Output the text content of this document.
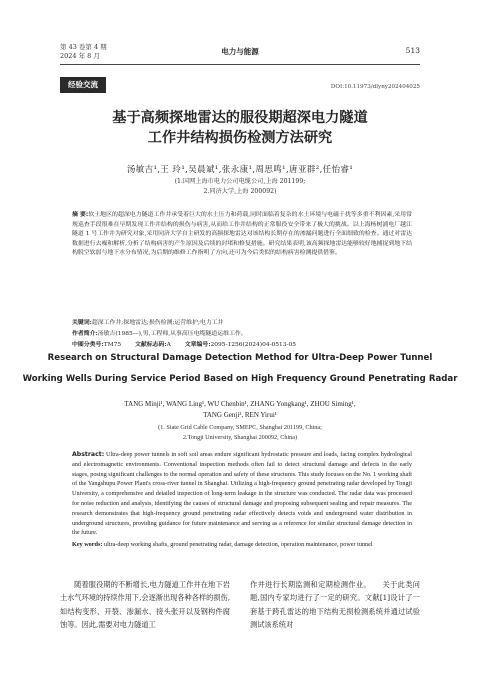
第 43 卷第 4 期
2024 年 8 月	电力与能源	513
经验交流	DOI:10.11973/dlyny202404025
基于高频探地雷达的服役期超深电力隧道
工作井结构损伤检测方法研究
汤敏吉¹,王 玲¹,吴晨斌¹,张永康¹,周思鸣¹,唐亚群²,任怡睿¹
(1.国网上海市电力公司电缆公司,上海 201199;
2.同济大学,上海 200092)
摘 要:软土地区的超深电力隧道工作井承受着巨大的水土压力和荷载,同时面临着复杂的水土环境与电磁干扰等多重不利因素,采用常规巡查手段很难在早期发现工作井结构的损伤与病害,从而给工作井结构的正常服役安全带来了极大的挑战。以上海杨树浦电厂越江隧道 1 号工作井为研究对象,采用同济大学自主研发的高频探地雷达对该结构长期存在的渗漏问题进行全面细致的检查。通过对雷达数据进行去噪和解析,分析了结构病害的产生原因及后续的封堵和修复措施。研究结果表明,该高频探地雷达能够较好地捕捉到地下结构脱空软弱与地下水分布情况,为后期的维修工作指明了方向,还可为今后类似的结构病害检测提供借鉴。
关键词:超深工作井;探地雷达;损伤检测;运营维护;电力工井
作者简介:汤敏吉(1985—),男,工程师,从事高压电缆隧道运维工作。
中图分类号:TM75 文献标志码:A 文章编号:2095-1256(2024)04-0513-05
Research on Structural Damage Detection Method for Ultra-Deep Power Tunnel
Working Wells During Service Period Based on High Frequency Ground Penetrating Radar
TANG Minji¹, WANG Ling¹, WU Chenbin¹, ZHANG Yongkang¹, ZHOU Siming¹,
TANG Genji², REN Yirui¹
(1. State Grid Cable Company, SMEPC, Shanghai 201199, China;
2.Tongji University, Shanghai 200092, China)
Abstract: Ultra-deep power tunnels in soft soil areas endure significant hydrostatic pressure and loads, facing complex hydrological and electromagnetic environments. Conventional inspection methods often fail to detect structural damage and defects in the early stages, posing significant challenges to the normal operation and safety of these structures. This study focuses on the No. 1 working shaft of the Yangshupu Power Plant's cross-river tunnel in Shanghai. Utilizing a high-frequency ground penetrating radar developed by Tongji University, a comprehensive and detailed inspection of long-term leakage in the structure was conducted. The radar data was processed for noise reduction and analysis, identifying the causes of structural damage and proposing subsequent sealing and repair measures. The research demonstrates that high-frequency ground penetrating radar effectively detects voids and underground water distribution in underground structures, providing guidance for future maintenance and serving as a reference for similar structural damage detection in the future.
Key words: ultra-deep working shafts, ground penetrating radar, damage detection, operation maintenance, power tunnel
随着服役期的不断增长,电力隧道工作井在地下岩土水气环境的持续作用下,会逐渐出现各种各样的损伤,如结构变形、开裂、渗漏水、接头张开以及钢构件腐蚀等。因此,需要对电力隧道工
作井进行长期监测和定期检测作业。　　关于此类问题,国内专家均进行了一定的研究。文献[1]设计了一套基于跨孔雷达的地下结构无损检测系统并通过试验测试该系统对
